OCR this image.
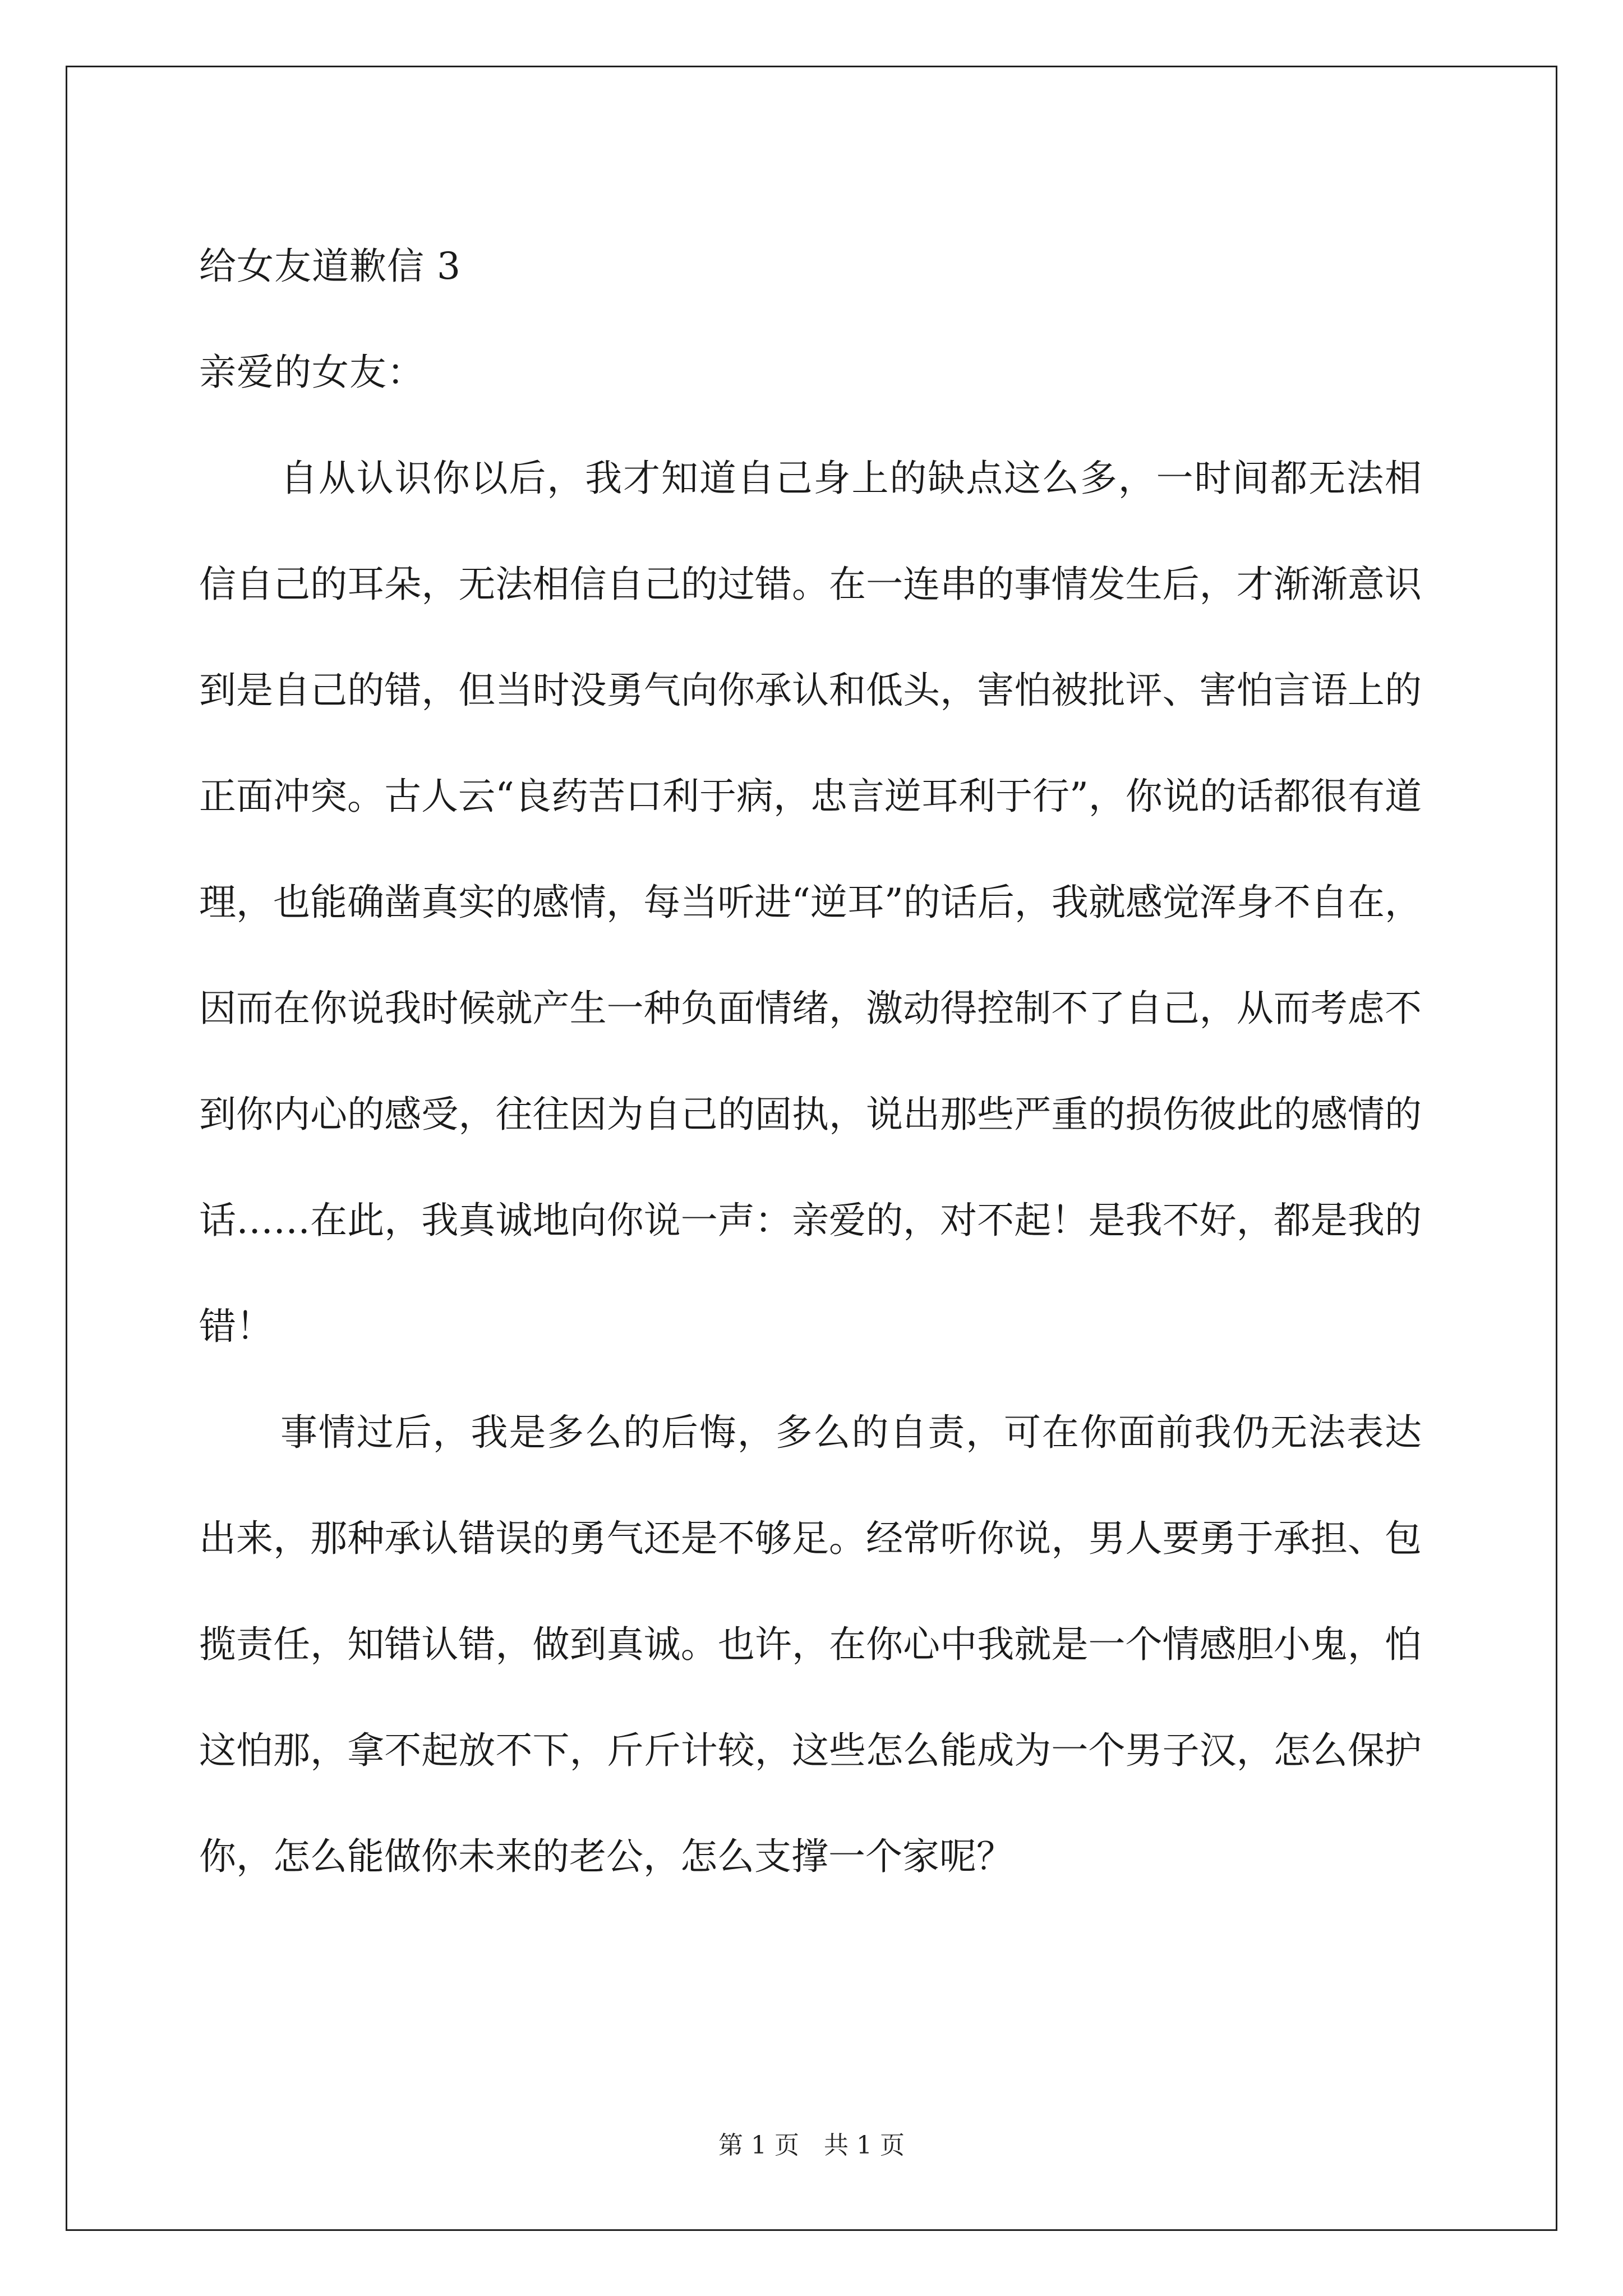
给女友道歉信 3
亲爱的女友：

自从认识你以后，我才知道自己身上的缺点这么多，一时间都无法相信自己的耳朵，无法相信自己的过错。在一连串的事情发生后，才渐渐意识到是自己的错，但当时没勇气向你承认和低头，害怕被批评、害怕言语上的正面冲突。古人云“良药苦口利于病，忠言逆耳利于行”，你说的话都很有道理，也能确凿真实的感情，每当听进“逆耳”的话后，我就感觉浑身不自在，因而在你说我时候就产生一种负面情绪，激动得控制不了自己，从而考虑不到你内心的感受，往往因为自己的固执，说出那些严重的损伤彼此的感情的话……在此，我真诚地向你说一声：亲爱的，对不起！是我不好，都是我的错！

事情过后，我是多么的后悔，多么的自责，可在你面前我仍无法表达出来，那种承认错误的勇气还是不够足。经常听你说，男人要勇于承担、包揽责任，知错认错，做到真诚。也许，在你心中我就是一个情感胆小鬼，怕这怕那，拿不起放不下，斤斤计较，这些怎么能成为一个男子汉，怎么保护你，怎么能做你未来的老公，怎么支撑一个家呢？

第 1 页　共 1 页
